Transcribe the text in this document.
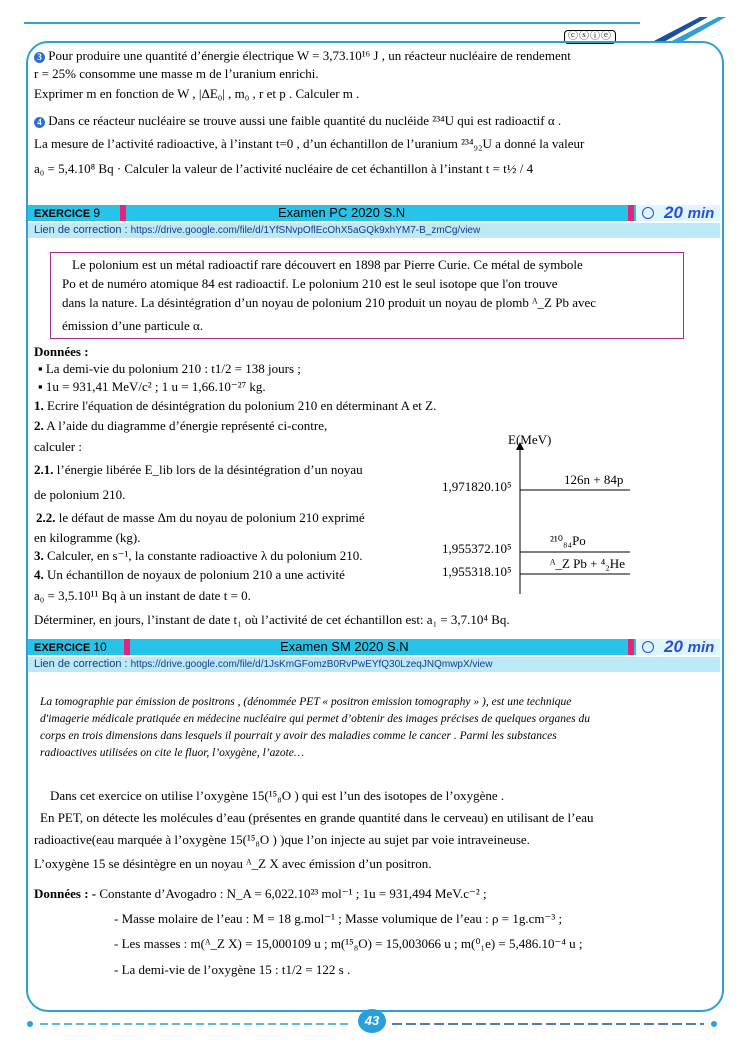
ⓒⓢⓘⓔ
3 Pour produire une quantité d’énergie électrique W = 3,73.10¹⁶ J , un réacteur nucléaire de rendement
r = 25% consomme une masse m de l’uranium enrichi.
Exprimer m en fonction de W , |ΔE₀| , m₀ , r et p . Calculer m .
4 Dans ce réacteur nucléaire se trouve aussi une faible quantité du nucléide ²³⁴U qui est radioactif α .
La mesure de l’activité radioactive, à l’instant t=0 , d’un échantillon de l’uranium ²³⁴₉₂U a donné la valeur
a₀ = 5,4.10⁸ Bq · Calculer la valeur de l’activité nucléaire de cet échantillon à l’instant t = t½ / 4
EXERCICE 9	Examen PC 2020 S.N	20 min
Lien de correction : https://drive.google.com/file/d/1YfSNvpOflEcOhX5aGQk9xhYM7-B_zmCg/view
Le polonium est un métal radioactif rare découvert en 1898 par Pierre Curie. Ce métal de symbole
Po et de numéro atomique 84 est radioactif. Le polonium 210 est le seul isotope que l'on trouve
dans la nature. La désintégration d’un noyau de polonium 210 produit un noyau de plomb ᴬ_Z Pb avec
émission d’une particule α.
Données :
▪ La demi-vie du polonium 210 : t1/2 = 138 jours ;
▪ 1u = 931,41 MeV/c² ; 1 u = 1,66.10⁻²⁷ kg.
1. Ecrire l'équation de désintégration du polonium 210 en déterminant A et Z.
2. A l’aide du diagramme d’énergie représenté ci-contre,
calculer :
2.1. l’énergie libérée E_lib lors de la désintégration d’un noyau
de polonium 210.
2.2. le défaut de masse Δm du noyau de polonium 210 exprimé
en kilogramme (kg).
3. Calculer, en s⁻¹, la constante radioactive λ du polonium 210.
4. Un échantillon de noyaux de polonium 210 a une activité
a₀ = 3,5.10¹¹ Bq à un instant de date t = 0.
Déterminer, en jours, l’instant de date t₁ où l’activité de cet échantillon est: a₁ = 3,7.10⁴ Bq.
E(MeV)
1,971820.10⁵	126n + 84p
1,955372.10⁵
²¹⁰₈₄Po
1,955318.10⁵
ᴬ_Z Pb + ⁴₂He
EXERCICE 10	Examen SM 2020 S.N	20 min
Lien de correction : https://drive.google.com/file/d/1JsKmGFomzB0RvPwEYfQ30LzeqJNQmwpX/view
La tomographie par émission de positrons , (dénommée PET « positron emission tomography » ), est une technique
d'imagerie médicale pratiquée en médecine nucléaire qui permet d’obtenir des images précises de quelques organes du
corps en trois dimensions dans lesquels il pourrait y avoir des maladies comme le cancer . Parmi les substances
radioactives utilisées on cite le fluor, l’oxygène, l’azote…
Dans cet exercice on utilise l’oxygène 15(¹⁵₈O ) qui est l’un des isotopes de l’oxygène .
En PET, on détecte les molécules d’eau (présentes en grande quantité dans le cerveau) en utilisant de l’eau
radioactive(eau marquée à l’oxygène 15(¹⁵₈O ) )que l’on injecte au sujet par voie intraveineuse.
L’oxygène 15 se désintègre en un noyau ᴬ_Z X avec émission d’un positron.
Données : - Constante d’Avogadro : N_A = 6,022.10²³ mol⁻¹ ; 1u = 931,494 MeV.c⁻² ;
- Masse molaire de l’eau : M = 18 g.mol⁻¹ ; Masse volumique de l’eau : ρ = 1g.cm⁻³ ;
- Les masses : m(ᴬ_Z X) = 15,000109 u ; m(¹⁵₈O) = 15,003066 u ; m(⁰₁e) = 5,486.10⁻⁴ u ;
- La demi-vie de l’oxygène 15 : t1/2 = 122 s .
43
